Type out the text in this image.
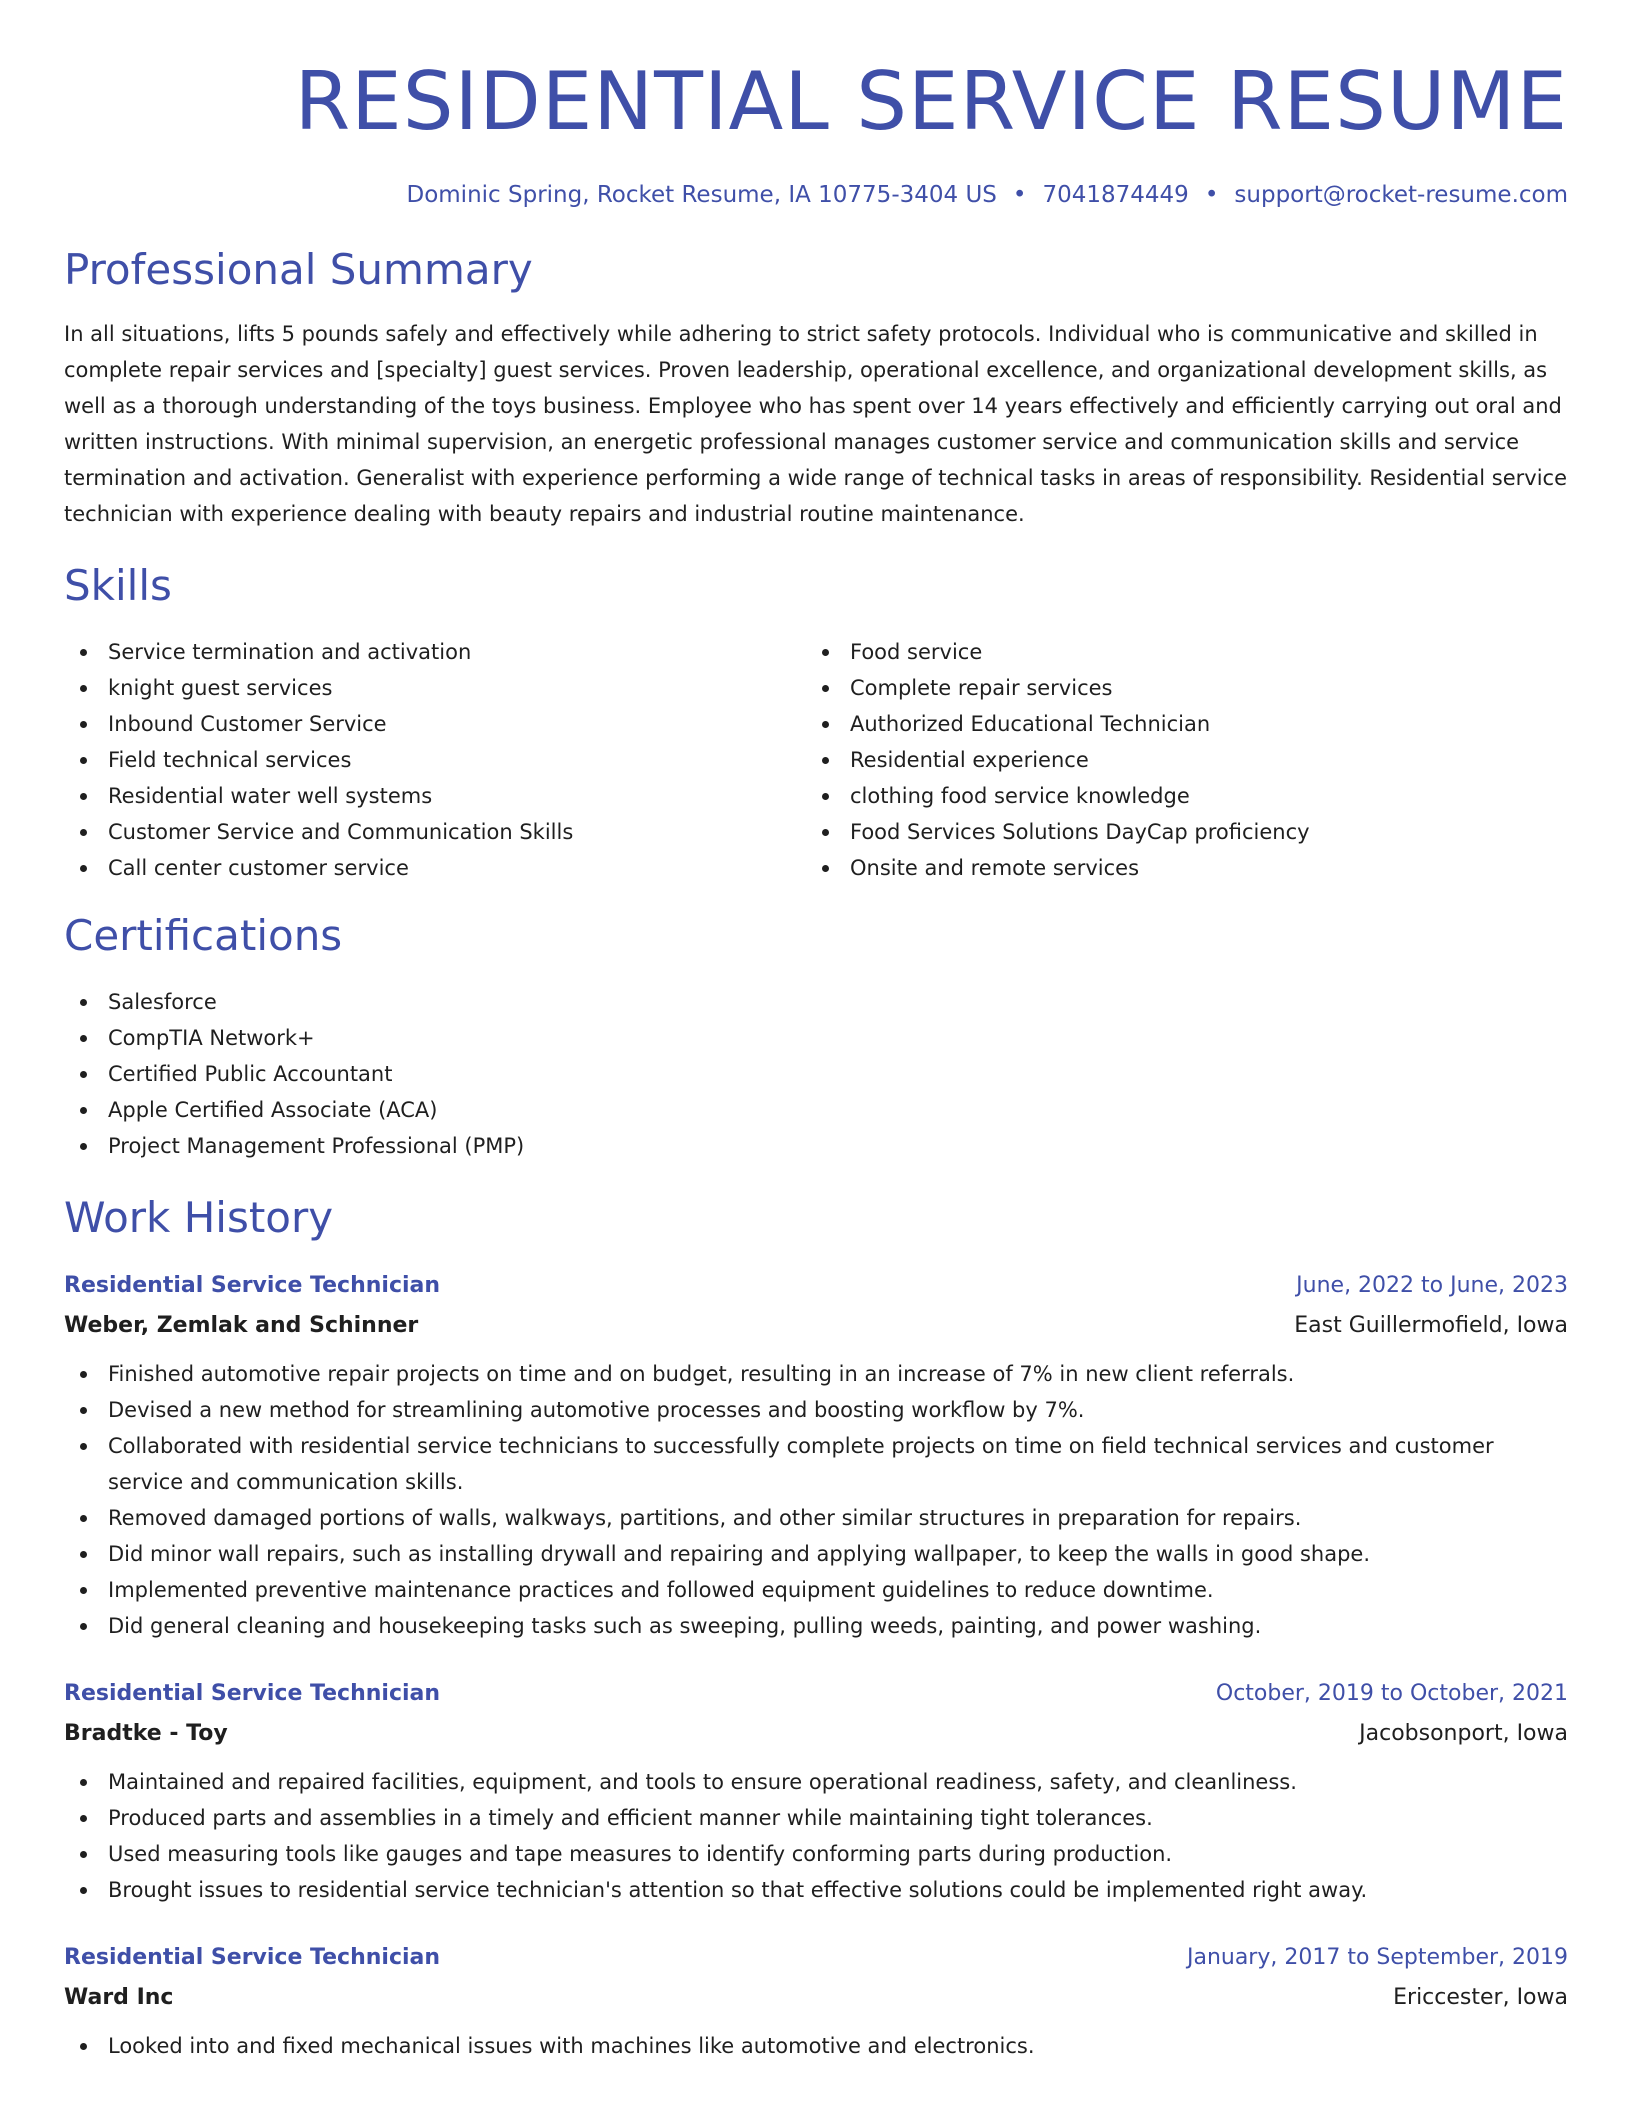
RESIDENTIAL SERVICE RESUME
Dominic Spring, Rocket Resume, IA 10775-3404 US • 7041874449 • support@rocket-resume.com
Professional Summary

In all situations, lifts 5 pounds safely and effectively while adhering to strict safety protocols. Individual who is communicative and skilled in complete repair services and [specialty] guest services. Proven leadership, operational excellence, and organizational development skills, as well as a thorough understanding of the toys business. Employee who has spent over 14 years effectively and efficiently carrying out oral and written instructions. With minimal supervision, an energetic professional manages customer service and communication skills and service termination and activation. Generalist with experience performing a wide range of technical tasks in areas of responsibility. Residential service technician with experience dealing with beauty repairs and industrial routine maintenance.

Skills
Service termination and activation
knight guest services
Inbound Customer Service
Field technical services
Residential water well systems
Customer Service and Communication Skills
Call center customer service
Food service
Complete repair services
Authorized Educational Technician
Residential experience
clothing food service knowledge
Food Services Solutions DayCap proficiency
Onsite and remote services
Certifications
Salesforce
CompTIA Network+
Certified Public Accountant
Apple Certified Associate (ACA)
Project Management Professional (PMP)
Work History
Residential Service Technician	June, 2022 to June, 2023
Weber, Zemlak and Schinner	East Guillermofield, Iowa
Finished automotive repair projects on time and on budget, resulting in an increase of 7% in new client referrals.
Devised a new method for streamlining automotive processes and boosting workflow by 7%.
Collaborated with residential service technicians to successfully complete projects on time on field technical services and customer service and communication skills.
Removed damaged portions of walls, walkways, partitions, and other similar structures in preparation for repairs.
Did minor wall repairs, such as installing drywall and repairing and applying wallpaper, to keep the walls in good shape.
Implemented preventive maintenance practices and followed equipment guidelines to reduce downtime.
Did general cleaning and housekeeping tasks such as sweeping, pulling weeds, painting, and power washing.
Residential Service Technician	October, 2019 to October, 2021
Bradtke - Toy	Jacobsonport, Iowa
Maintained and repaired facilities, equipment, and tools to ensure operational readiness, safety, and cleanliness.
Produced parts and assemblies in a timely and efficient manner while maintaining tight tolerances.
Used measuring tools like gauges and tape measures to identify conforming parts during production.
Brought issues to residential service technician's attention so that effective solutions could be implemented right away.
Residential Service Technician	January, 2017 to September, 2019
Ward Inc	Ericcester, Iowa
Looked into and fixed mechanical issues with machines like automotive and electronics.
